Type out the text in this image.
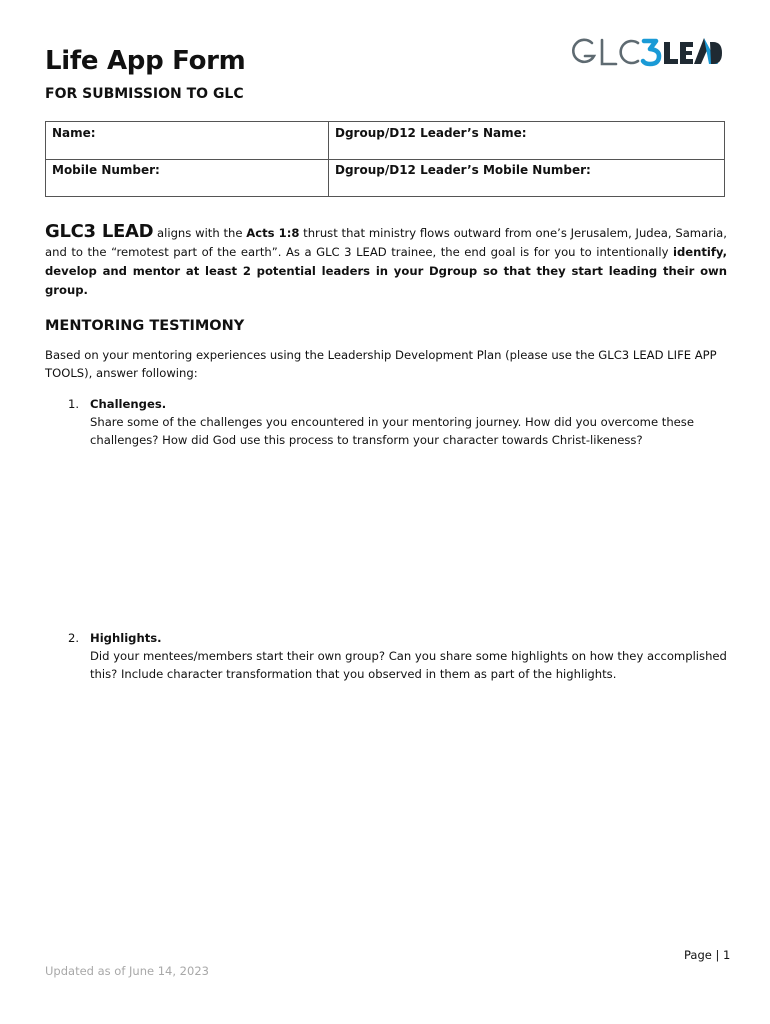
Life App Form

FOR SUBMISSION TO GLC

GLC3LEAD
Name:	Dgroup/D12 Leader’s Name:
Mobile Number:	Dgroup/D12 Leader’s Mobile Number:

GLC3 LEAD aligns with the Acts 1:8 thrust that ministry flows outward from one’s Jerusalem, Judea, Samaria, and to the “remotest part of the earth”. As a GLC 3 LEAD trainee, the end goal is for you to intentionally identify, develop and mentor at least 2 potential leaders in your Dgroup so that they start leading their own group.

MENTORING TESTIMONY

Based on your mentoring experiences using the Leadership Development Plan (please use the GLC3 LEAD LIFE APP TOOLS), answer following:

1. Challenges.
Share some of the challenges you encountered in your mentoring journey. How did you overcome these challenges? How did God use this process to transform your character towards Christ-likeness?
2. Highlights.
Did your mentees/members start their own group? Can you share some highlights on how they accomplished this? Include character transformation that you observed in them as part of the highlights.
Page | 1
Updated as of June 14, 2023
